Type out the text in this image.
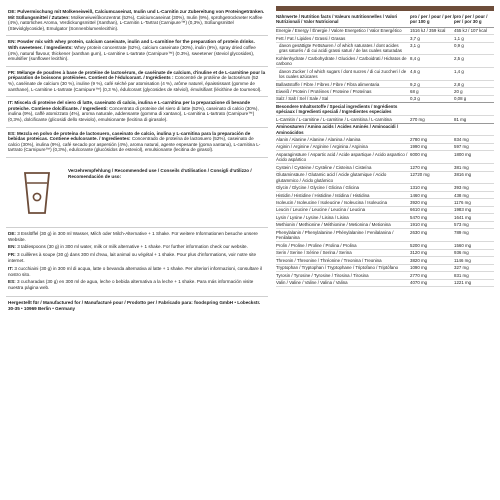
DE: Pulvermischung mit Molkeneiweiß, Calciumcaseinat, Inulin und L-Carnitin zur Zubereitung von Proteingetränken. Mit Süßungsmittel / Zutaten: Molkeneiweißkonzentrat (52%), Calciumcaseinat (30%), Inulin (9%), sprühgetrockneter Kaffee (4%), natürliches Aroma, Verdickungsmittel (Xanthan), L-Carnitin L-Tartrat (Carnipure™) (0,3%), Süßungsmittel (Steviolglycoside), Emulgator (Sonnenblumenlecithin).
EN: Powder mix with whey protein, calcium caseinate, inulin and L-carnitine for the preparation of protein drinks. With sweetener. / Ingredients: Whey protein concentrate (52%), calcium caseinate (30%), inulin (9%), spray dried coffee (4%), natural flavour, thickener (xanthan gum), L-carnitine L-tartrate (Carnipure™) (0.3%), sweetener (steviol glycosides), emulsifier (sunflower lecithin).
FR: Mélange de poudres à base de protéine de lactosérum, de caséinate de calcium, d'inuline et de L-carnitine pour la préparation de boissons protéinées. Contient de l'édulcorant. / Ingrédients : Concentré de protéine de lactosérum (52 %), caséinate de calcium (30 %), inuline (9 %), café séché par atomisation (4 %), arôme naturel, épaississant (gomme de xanthane), L-carnitine L-tartrate (Carnipure™) (0,3 %), édulcorant (glycosides de stéviol), émulsifiant (lécithine de tournesol).
IT: Miscela di proteine del siero di latte, caseinato di calcio, inulina e L-carnitina per la preparazione di bevande proteiche. Contiene dolcificante. / Ingredienti: Concentrato di proteine del siero di latte (52%), caseinato di calcio (30%), inulina (9%), caffè atomizzato (4%), aroma naturale, addensante (gomma di xantano), L-carnitina L-tartrato (Carnipure™) (0,3%), dolcificante (glicosidi dello steviolo), emulsionante (lecitina di girasole).
ES: Mezcla en polvo de proteína de lactosuero, caseinato de calcio, inulina y L-carnitina para la preparación de bebidas proteicas. Contiene edulcorante. / Ingredientes: Concentrado de proteína de lactosuero (52%), caseinato de calcio (30%), inulina (9%), café secado por aspersión (4%), aroma natural, agente espesante (goma xantana), L-carnitina L-tartrato (Carnipure™) (0,3%), edulcorante (glucósidos de esteviol), emulsionante (lecitina de girasol).
Verzehrempfehlung / Recommended use / Conseils d'utilisation / Consigli d'utilizzo / Recomendación de uso:

DE: 3 Esslöffel (30 g) in 300 ml Wasser, Milch oder Milch-Alternative + 1 Shake. Für weitere Informationen besuche unsere Website.

EN: 3 tablespoons (30 g) in 300 ml water, milk or milk alternative + 1 shake. For further information check our website.

FR: 3 cuillères à soupe (30 g) dans 300 ml d'eau, lait animal ou végétal + 1 shake. Pour plus d'informations, voir notre site internet.

IT: 3 cucchiaini (30 g) in 300 ml di acqua, latte o bevanda alternativa al latte + 1 shake. Per ulteriori informazioni, consultare il nostro sito.

ES: 3 cucharadas (30 g) en 300 ml de agua, leche o bebida alternativa a la leche + 1 shake. Para más información visite nuestra página web.

Hergestellt für / Manufactured for / Manufacturé pour / Prodotto per / Fabricado para: foodspring GmbH • Lobeckstr. 30-35 • 10969 Berlin • Germany
Nährwerte / Nutrition facts / Valeurs nutritionnelles / Valori Nutrizionali / Valor Nutricional
pro / per / pour / per / por 100 g
pro / per / pour / per / por 30 g
Energie / Energy / Énergie / Valore Energetico / Valor Energético	1516 kJ / 359 kcal	455 kJ / 107 kcal
Fett / Fat / Lipides / Grassi / Grasas	3,7 g	1,1 g
davon gesättigte Fettsäuren / of which saturates / dont acides gras saturés / di cui acidi grassi saturi / de las cuales saturadas
3,1 g	0,9 g
Kohlenhydrate / Carbohydrate / Glucides / Carboidrati / Hidratos de carbono
8,4 g	2,5 g
davon Zucker / of which sugars / dont sucres / di cui zuccheri / de los cuales azúcares
4,6 g	1,4 g
Ballaststoffe / Fibre / Fibres / Fibre / Fibra alimentaria	9,2 g	2,8 g
Eiweiß / Protein / Protéines / Proteine / Proteínas	68 g	20 g
Salz / Salt / Sel / Sale / Sal	0,3 g	0,08 g
Besondere Inhaltsstoffe / Special ingredients / Ingrédients spéciaux / Ingredienti speciali / Ingredientes especiales
L-Carnitin / L-carnitine / L-carnitine / L-carnitina / L-carnitina	270 mg	81 mg
Aminosäuren / Amino acids / Acides Aminés / Aminoacidi / Aminoácidos
Alanin / Alanine / Alanine / Alanina / Alanina	2780 mg	834 mg
Arginin / Arginine / Arginine / Arginina / Arginina	1990 mg	597 mg
Asparaginsäure / Aspartic acid / Acide aspartique / Acido aspartico / Ácido aspártico
6000 mg	1800 mg
Cystein / Cysteine / Cystéine / Cisteina / Cisteína	1270 mg	381 mg
Glutaminsäure / Glutamic acid / Acide glutamique / Acido glutammico / Ácido glutámico
12720 mg	3816 mg
Glycin / Glycine / Glycine / Glicina / Glicina	1310 mg	393 mg
Histidin / Histidine / Histidine / Istidina / Histidina	1460 mg	438 mg
Isoleucin / Isoleucine / Isoleucine / Isoleucina / Isoleucina	3920 mg	1176 mg
Leucin / Leucine / Leucine / Leucina / Leucina	6610 mg	1983 mg
Lysin / Lysine / Lysine / Lisina / Lisina	5470 mg	1641 mg
Methionin / Methionine / Méthionine / Metionina / Metionina	1910 mg	573 mg
Phenylalanin / Phenylalanine / Phénylalanine / Fenilalanina / Fenilalanina
2630 mg	789 mg
Prolin / Proline / Proline / Prolina / Prolina	5200 mg	1560 mg
Serin / Serine / Sérine / Serina / Serina	3120 mg	936 mg
Threonin / Threonine / Thréonine / Treonina / Treonina	3820 mg	1146 mg
Tryptophan / Tryptophan / Tryptophane / Triptofano / Triptófano	1090 mg	327 mg
Tyrosin / Tyrosine / Tyrosine / Tirosina / Tirosina	2770 mg	831 mg
Valin / Valine / Valine / Valina / Valina	4070 mg	1221 mg
